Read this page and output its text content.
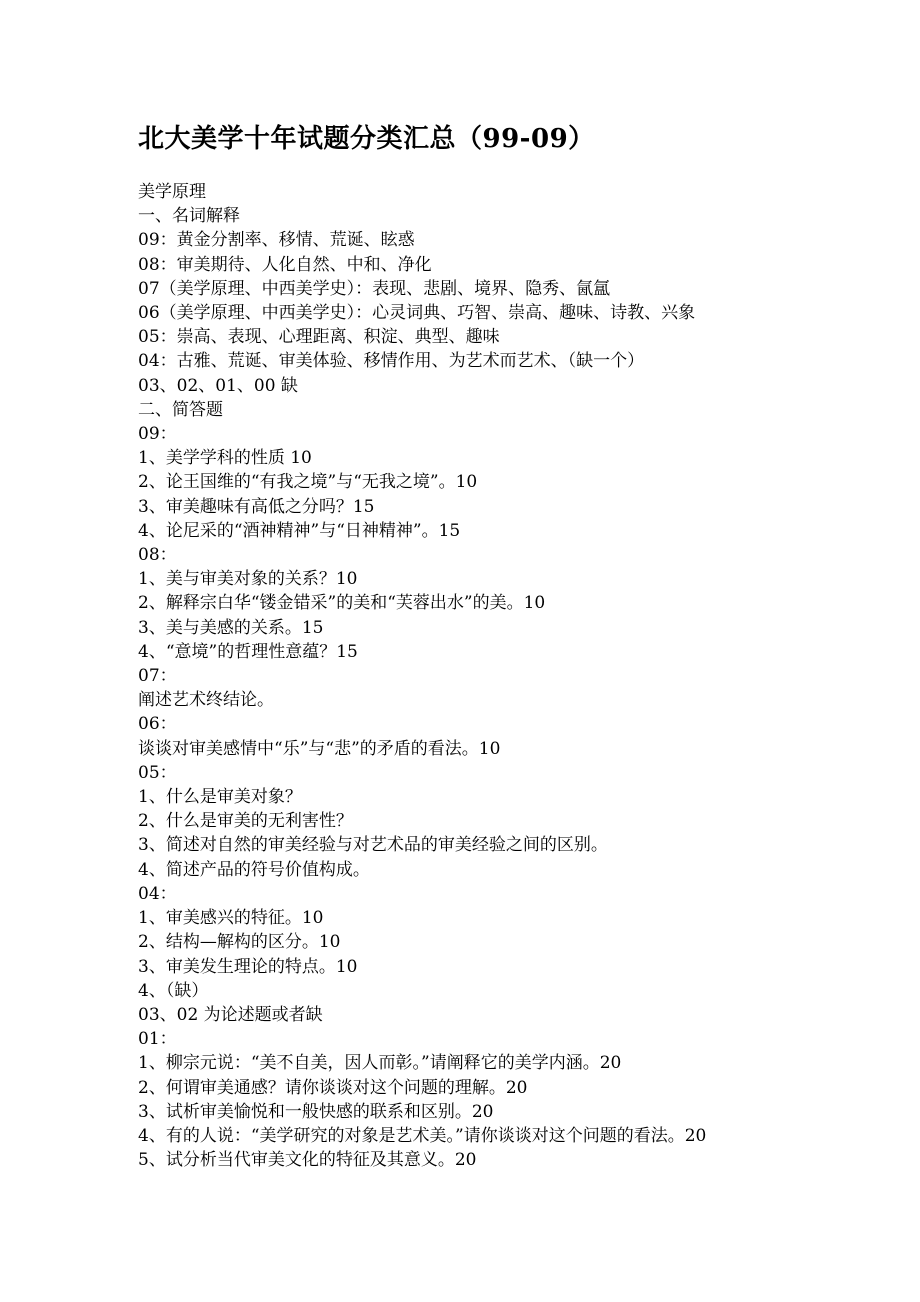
北大美学十年试题分类汇总（99-09）
美学原理
一、名词解释
09：黄金分割率、移情、荒诞、眩惑
08：审美期待、人化自然、中和、净化
07（美学原理、中西美学史）：表现、悲剧、境界、隐秀、氤氲
06（美学原理、中西美学史）：心灵词典、巧智、崇高、趣味、诗教、兴象
05：崇高、表现、心理距离、积淀、典型、趣味
04：古雅、荒诞、审美体验、移情作用、为艺术而艺术、（缺一个）
03、02、01、00 缺
二、简答题
09：
1、美学学科的性质 10
2、论王国维的“有我之境”与“无我之境”。10
3、审美趣味有高低之分吗？15
4、论尼采的“酒神精神”与“日神精神”。15
08：
1、美与审美对象的关系？10
2、解释宗白华“镂金错采”的美和“芙蓉出水”的美。10
3、美与美感的关系。15
4、“意境”的哲理性意蕴？15
07：
阐述艺术终结论。
06：
谈谈对审美感情中“乐”与“悲”的矛盾的看法。10
05：
1、什么是审美对象？
2、什么是审美的无利害性？
3、简述对自然的审美经验与对艺术品的审美经验之间的区别。
4、简述产品的符号价值构成。
04：
1、审美感兴的特征。10
2、结构—解构的区分。10
3、审美发生理论的特点。10
4、（缺）
03、02 为论述题或者缺
01：
1、柳宗元说：“美不自美，因人而彰。”请阐释它的美学内涵。20
2、何谓审美通感？请你谈谈对这个问题的理解。20
3、试析审美愉悦和一般快感的联系和区别。20
4、有的人说：“美学研究的对象是艺术美。”请你谈谈对这个问题的看法。20
5、试分析当代审美文化的特征及其意义。20
